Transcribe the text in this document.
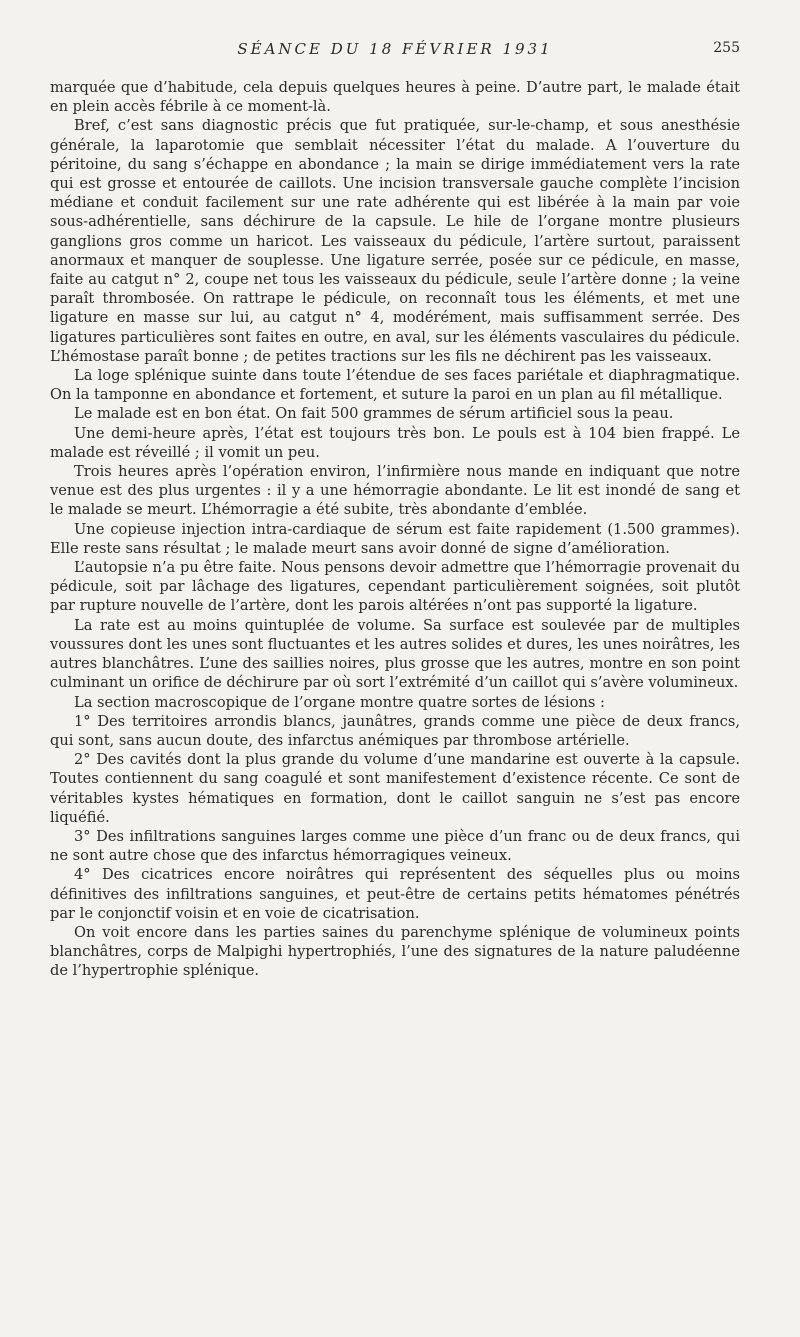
SÉANCE DU 18 FÉVRIER 1931	255

marquée que d’habitude, cela depuis quelques heures à peine. D’autre part, le malade était en plein accès fébrile à ce moment-là.

Bref, c’est sans diagnostic précis que fut pratiquée, sur-le-champ, et sous anesthésie générale, la laparotomie que semblait nécessiter l’état du malade. A l’ouverture du péritoine, du sang s’échappe en abondance ; la main se dirige immédiatement vers la rate qui est grosse et entourée de caillots. Une incision transversale gauche complète l’incision médiane et conduit facilement sur une rate adhérente qui est libérée à la main par voie sous-adhérentielle, sans déchirure de la capsule. Le hile de l’organe montre plusieurs ganglions gros comme un haricot. Les vaisseaux du pédicule, l’artère surtout, paraissent anormaux et manquer de souplesse. Une ligature serrée, posée sur ce pédicule, en masse, faite au catgut n° 2, coupe net tous les vaisseaux du pédicule, seule l’artère donne ; la veine paraît thrombosée. On rattrape le pédicule, on reconnaît tous les éléments, et met une ligature en masse sur lui, au catgut n° 4, modérément, mais suffisamment serrée. Des ligatures particulières sont faites en outre, en aval, sur les éléments vasculaires du pédicule. L’hémostase paraît bonne ; de petites tractions sur les fils ne déchirent pas les vaisseaux.

La loge splénique suinte dans toute l’étendue de ses faces pariétale et diaphragmatique. On la tamponne en abondance et fortement, et suture la paroi en un plan au fil métallique.

Le malade est en bon état. On fait 500 grammes de sérum artificiel sous la peau.

Une demi-heure après, l’état est toujours très bon. Le pouls est à 104 bien frappé. Le malade est réveillé ; il vomit un peu.

Trois heures après l’opération environ, l’infirmière nous mande en indiquant que notre venue est des plus urgentes : il y a une hémorragie abondante. Le lit est inondé de sang et le malade se meurt. L’hémorragie a été subite, très abondante d’emblée.

Une copieuse injection intra-cardiaque de sérum est faite rapidement (1.500 grammes). Elle reste sans résultat ; le malade meurt sans avoir donné de signe d’amélioration.

L’autopsie n’a pu être faite. Nous pensons devoir admettre que l’hémorragie provenait du pédicule, soit par lâchage des ligatures, cependant particulièrement soignées, soit plutôt par rupture nouvelle de l’artère, dont les parois altérées n’ont pas supporté la ligature.

La rate est au moins quintuplée de volume. Sa surface est soulevée par de multiples voussures dont les unes sont fluctuantes et les autres solides et dures, les unes noirâtres, les autres blanchâtres. L’une des saillies noires, plus grosse que les autres, montre en son point culminant un orifice de déchirure par où sort l’extrémité d’un caillot qui s’avère volumineux.

La section macroscopique de l’organe montre quatre sortes de lésions :

1° Des territoires arrondis blancs, jaunâtres, grands comme une pièce de deux francs, qui sont, sans aucun doute, des infarctus anémiques par thrombose artérielle.

2° Des cavités dont la plus grande du volume d’une mandarine est ouverte à la capsule. Toutes contiennent du sang coagulé et sont manifestement d’existence récente. Ce sont de véritables kystes hématiques en formation, dont le caillot sanguin ne s’est pas encore liquéfié.

3° Des infiltrations sanguines larges comme une pièce d’un franc ou de deux francs, qui ne sont autre chose que des infarctus hémorragiques veineux.

4° Des cicatrices encore noirâtres qui représentent des séquelles plus ou moins définitives des infiltrations sanguines, et peut-être de certains petits hématomes pénétrés par le conjonctif voisin et en voie de cicatrisation.

On voit encore dans les parties saines du parenchyme splénique de volumineux points blanchâtres, corps de Malpighi hypertrophiés, l’une des signatures de la nature paludéenne de l’hypertrophie splénique.
